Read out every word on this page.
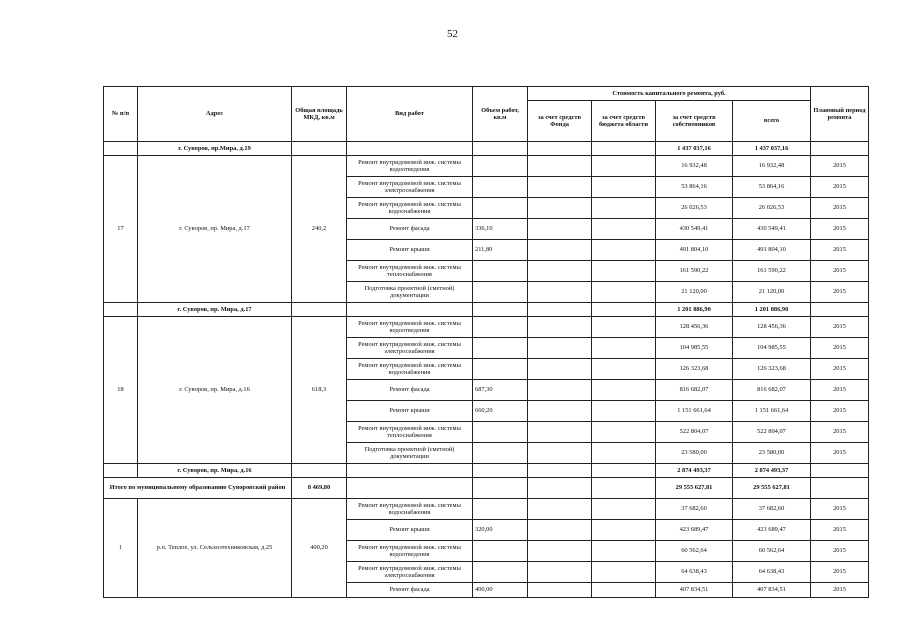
52
№ п/п	Адрес	Общая площадь МКД, кв.м	Вид работ	Объем работ, кв.м	Стоимость капитального ремонта, руб.				Плановый период ремонта
					за счет средств Фонда	за счет средств бюджета области	за счет средств собственников	всего	
	г. Суворов, пр.Мира, д.19						1 437 037,16	1 437 037,16	
17	г. Суворов, пр. Мира, д.17	240,2	Ремонт внутридомовой инж. системы водоотведения				16 932,48	16 932,48	2015
			Ремонт внутридомовой инж. системы электроснабжения				53 864,16	53 864,16	2015
			Ремонт внутридомовой инж. системы водоснабжения				26 026,53	26 026,53	2015
			Ремонт фасада	336,10			430 549,41	430 549,41	2015
			Ремонт крыши	211,80			491 804,10	491 804,10	2015
			Ремонт внутридомовой инж. системы теплоснабжения				161 590,22	161 590,22	2015
			Подготовка проектной (сметной) документации				21 120,00	21 120,00	2015
	г. Суворов, пр. Мира, д.17						1 201 886,90	1 201 886,90	
18	г. Суворов, пр. Мира, д.16	618,3	Ремонт внутридомовой инж. системы водоотведения				128 456,36	128 456,36	2015
			Ремонт внутридомовой инж. системы электроснабжения				104 985,55	104 985,55	2015
			Ремонт внутридомовой инж. системы водоснабжения				126 323,68	126 323,68	2015
			Ремонт фасада	687,30			816 682,07	816 682,07	2015
			Ремонт крыши	660,20			1 151 661,64	1 151 661,64	2015
			Ремонт внутридомовой инж. системы теплоснабжения				522 804,07	522 804,07	2015
			Подготовка проектной (сметной) документации				23 580,00	23 580,00	2015
	г. Суворов, пр. Мира, д.16						2 874 493,37	2 874 493,37	
Итого по муниципальному образованию Суворовский район		8 469,80					29 555 627,81	29 555 627,81	
1	р.п. Теплое, ул. Сельхозтехниковская, д.25	400,20	Ремонт внутридомовой инж. системы водоснабжения				37 682,60	37 682,60	2015
			Ремонт крыши	320,00			423 689,47	423 689,47	2015
			Ремонт внутридомовой инж. системы водоотведения				60 562,64	60 562,64	2015
			Ремонт внутридомовой инж. системы электроснабжения				64 638,43	64 638,43	2015
			Ремонт фасада	400,00			407 834,51	407 834,51	2015
